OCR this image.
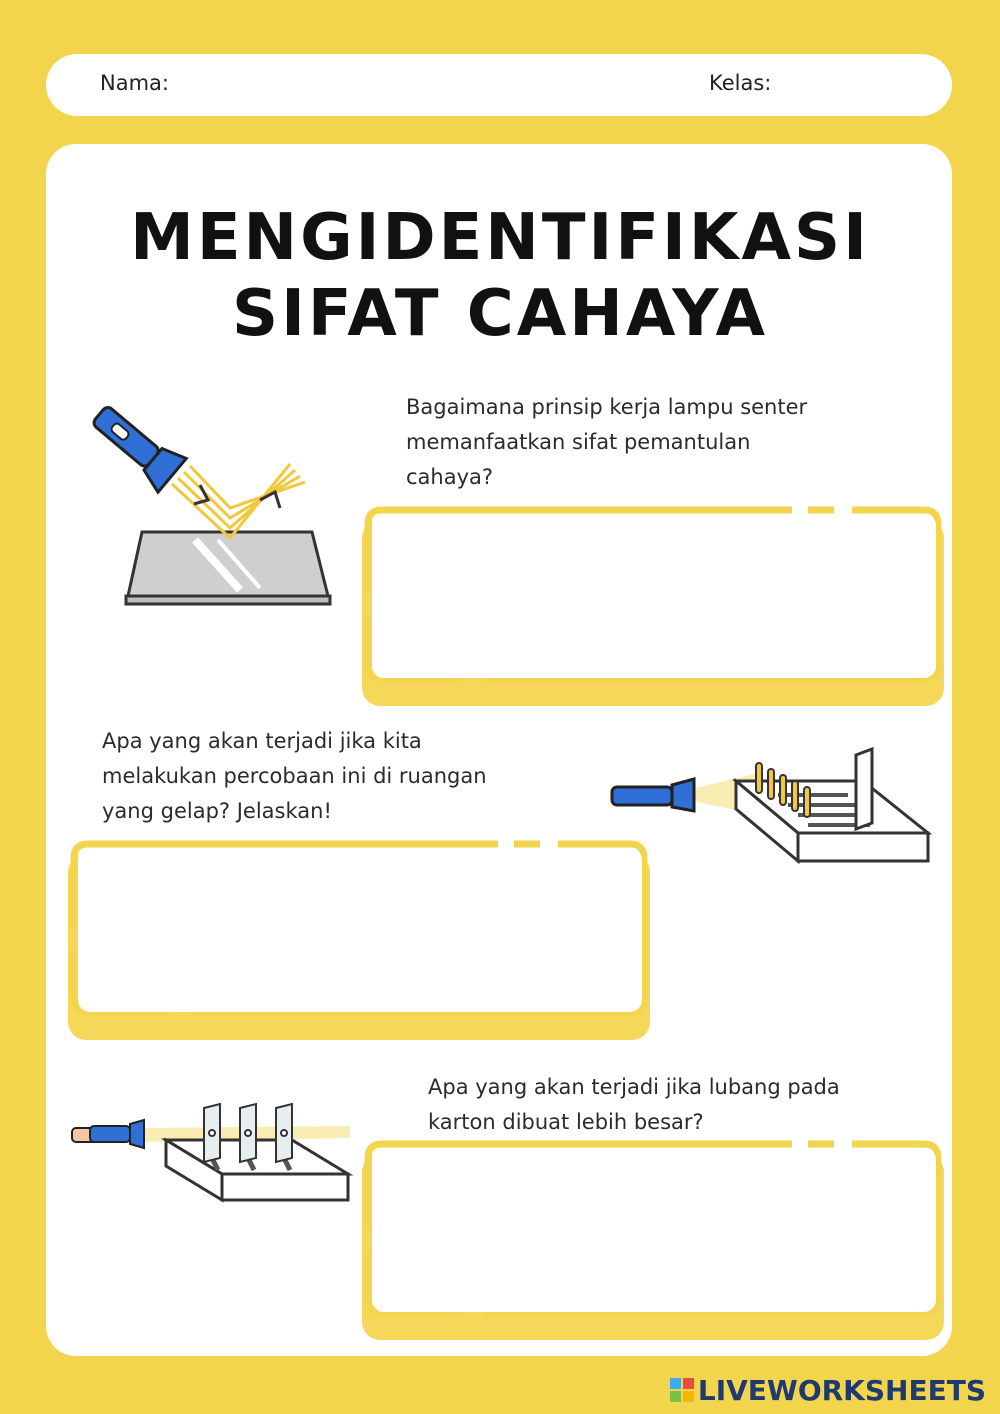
Nama:	Kelas:
MENGIDENTIFIKASI
SIFAT CAHAYA
Bagaimana prinsip kerja lampu senter
memanfaatkan sifat pemantulan
cahaya?
Apa yang akan terjadi jika kita
melakukan percobaan ini di ruangan
yang gelap? Jelaskan!
Apa yang akan terjadi jika lubang pada
karton dibuat lebih besar?
LIVEWORKSHEETS
